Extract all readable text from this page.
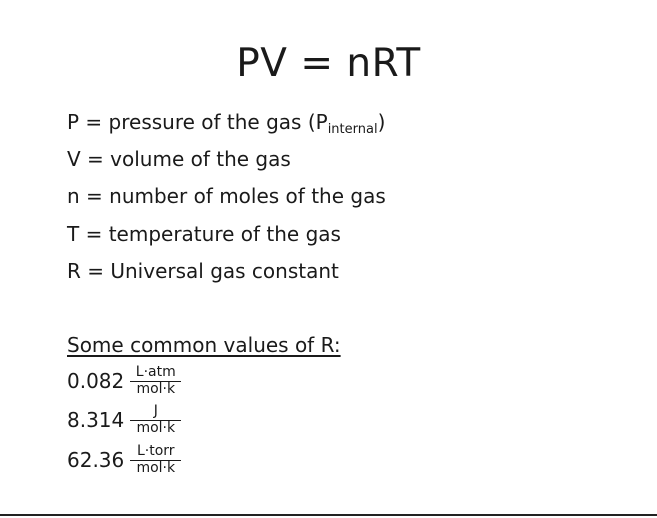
PV = nRT
P = pressure of the gas $(P_{internal})$
V = volume of the gas
n = number of moles of the gas
T = temperature of the gas
R = Universal gas constant
Some common values of R:
$0.082 \frac{\text{L·atm}}{\text{mol·k}}$
$8.314 \frac{J}{\text{mol·k}}$
$62.36 \frac{\text{L·torr}}{\text{mol·k}}$
